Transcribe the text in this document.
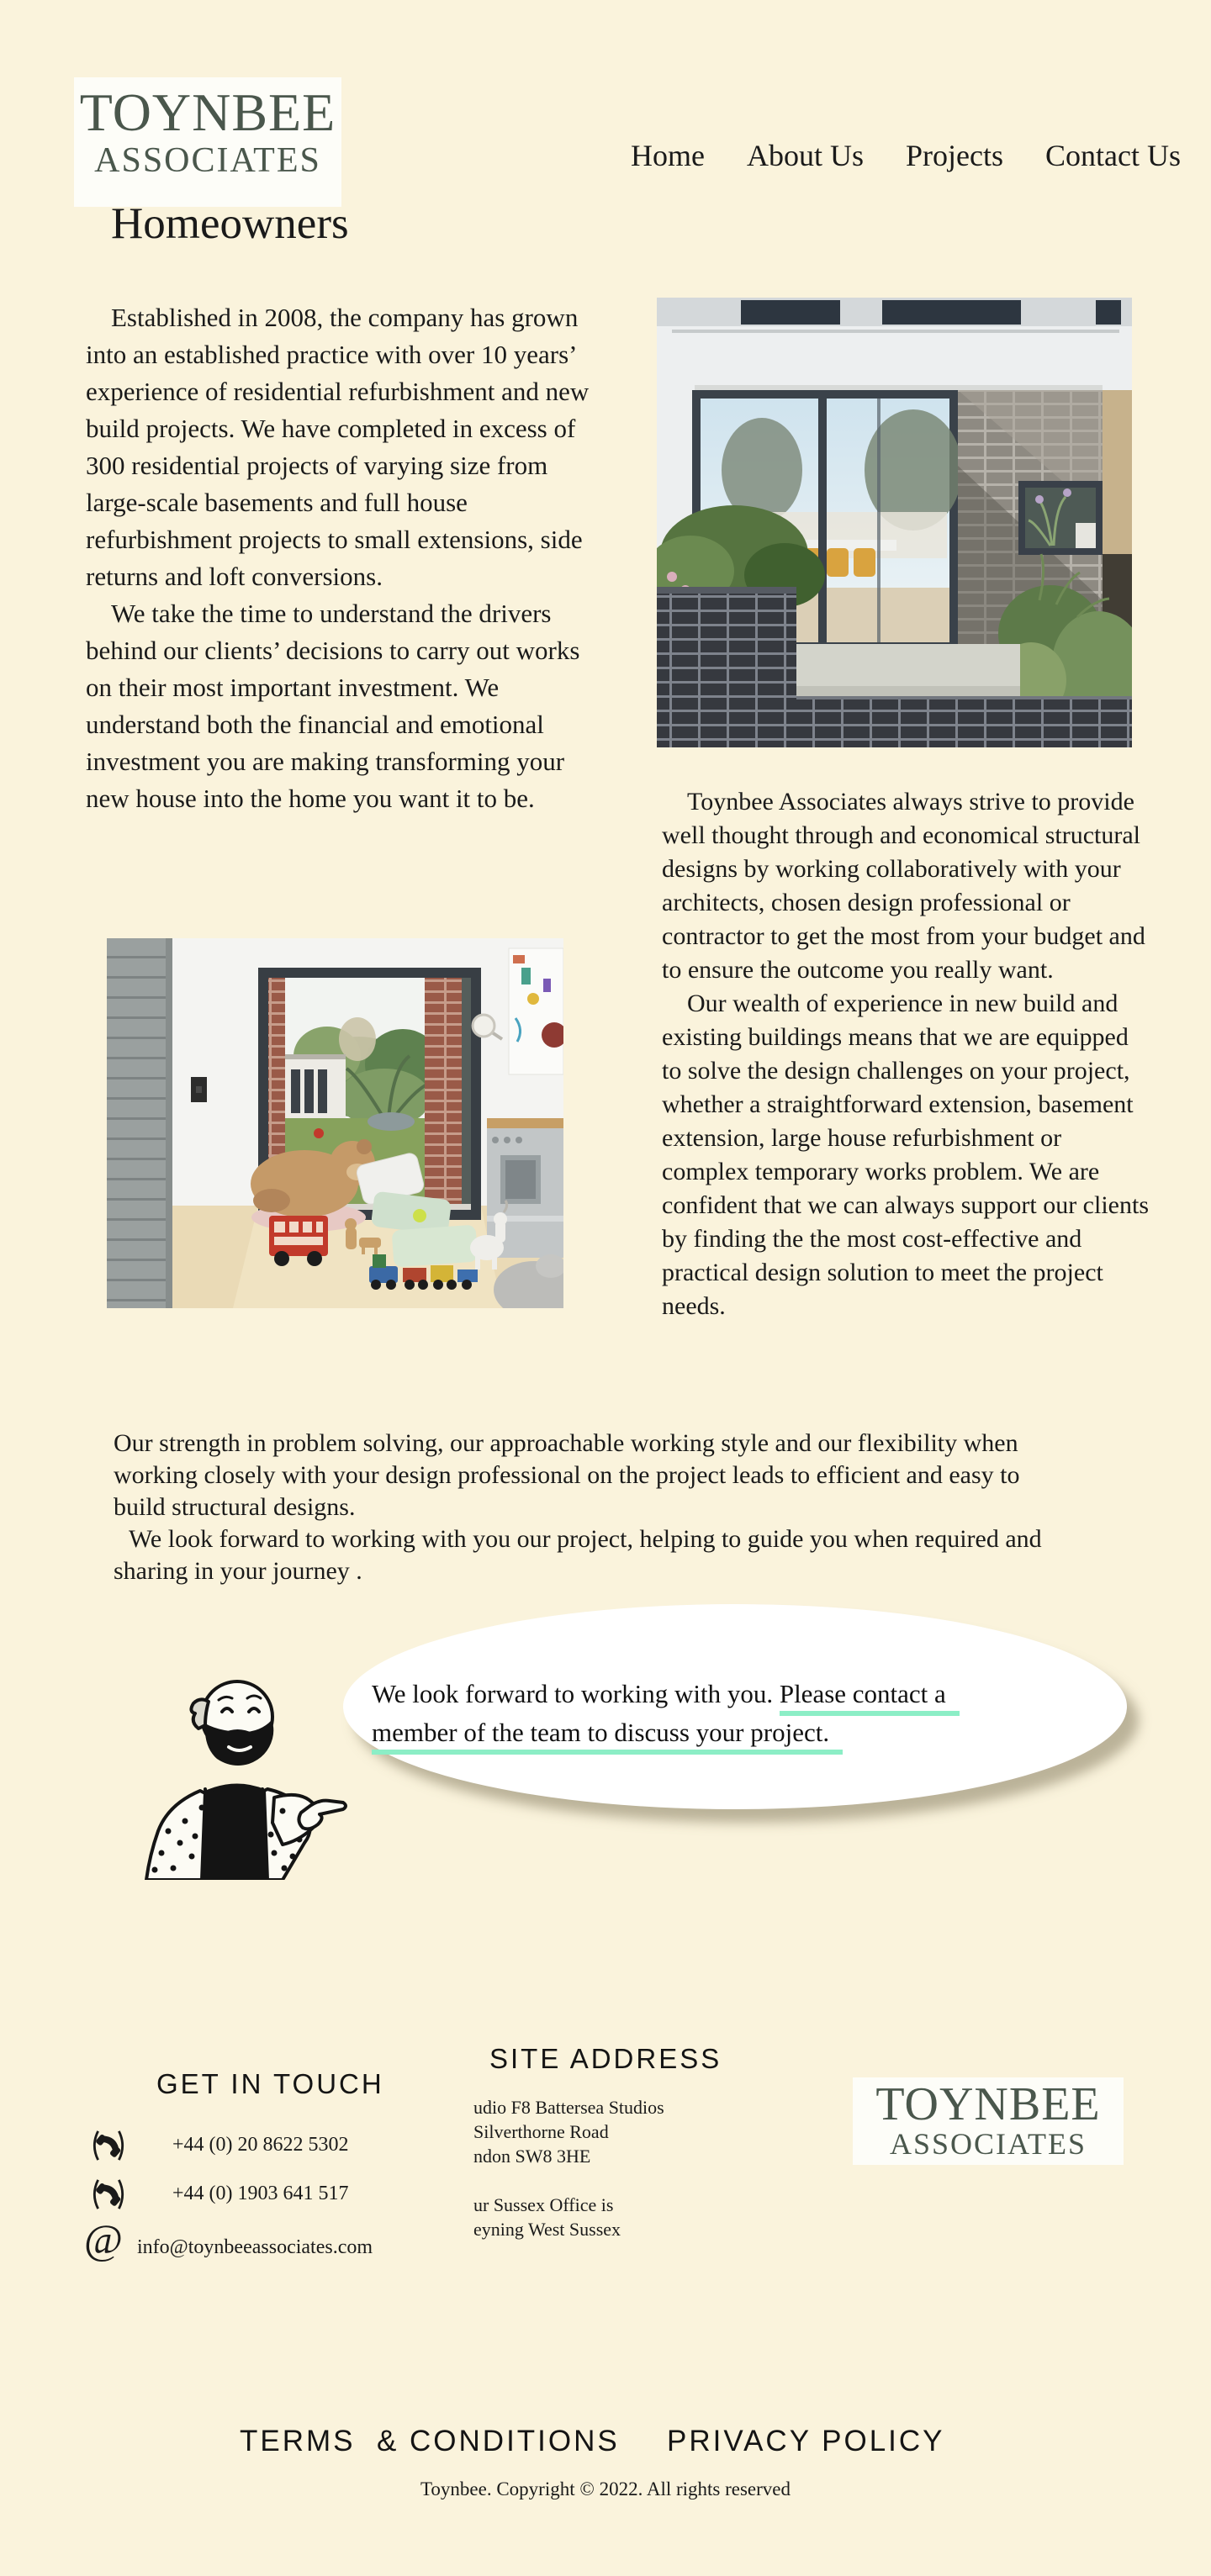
TOYNBEE
ASSOCIATES	Home About Us Projects Contact Us
Homeowners

Established in 2008, the company has grown into an established practice with over 10 years’ experience of residential refurbishment and new build projects. We have completed in excess of 300 residential projects of varying size from large-scale basements and full house refurbishment projects to small extensions, side returns and loft conversions.

We take the time to understand the drivers behind our clients’ decisions to carry out works on their most important investment. We understand both the financial and emotional investment you are making transforming your new house into the home you want it to be.	Toynbee Associates always strive to provide well thought through and economical structural designs by working collaboratively with your architects, chosen design professional or contractor to get the most from your budget and to ensure the outcome you really want.

Our wealth of experience in new build and existing buildings means that we are equipped to solve the design challenges on your project, whether a straightforward extension, basement extension, large house refurbishment or complex temporary works problem. We are confident that we can always support our clients by finding the the most cost-effective and practical design solution to meet the project needs.

Our strength in problem solving, our approachable working style and our flexibility when working closely with your design professional on the project leads to efficient and easy to build structural designs.

We look forward to working with you our project, helping to guide you when required and sharing in your journey .

We look forward to working with you. Please contact a
member of the team to discuss your project.
GET IN TOUCH
+44 (0) 20 8622 5302
+44 (0) 1903 641 517
@ info@toynbeeassociates.com
SITE ADDRESS
udio F8 Battersea Studios
Silverthorne Road
ndon SW8 3HE
ur Sussex Office is
eyning West Sussex
TOYNBEE
ASSOCIATES
TERMS  & CONDITIONS PRIVACY POLICY
Toynbee. Copyright © 2022. All rights reserved
